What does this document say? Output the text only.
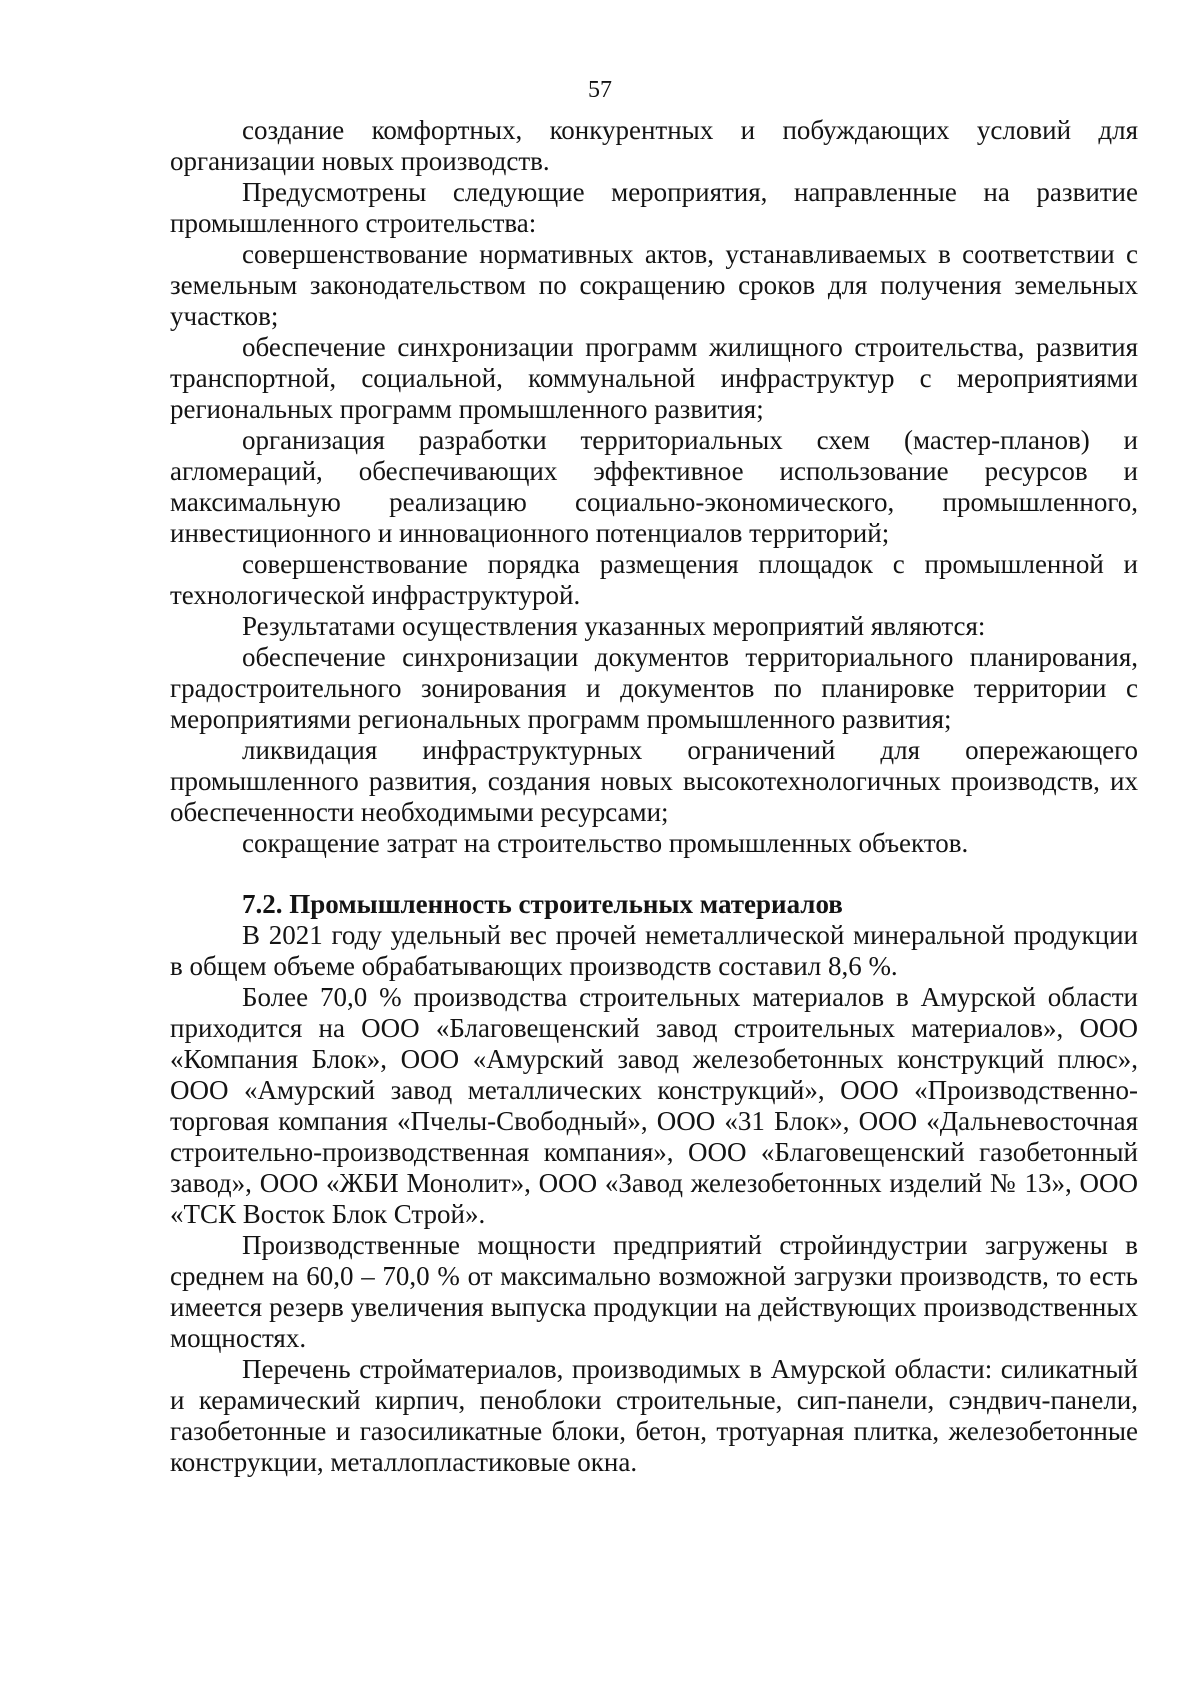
57

создание комфортных, конкурентных и побуждающих условий для организации новых производств.

Предусмотрены следующие мероприятия, направленные на развитие промышленного строительства:

совершенствование нормативных актов, устанавливаемых в соответствии с земельным законодательством по сокращению сроков для получения земельных участков;

обеспечение синхронизации программ жилищного строительства, развития транспортной, социальной, коммунальной инфраструктур с мероприятиями региональных программ промышленного развития;

организация разработки территориальных схем (мастер-планов) и агломераций, обеспечивающих эффективное использование ресурсов и максимальную реализацию социально-экономического, промышленного, инвестиционного и инновационного потенциалов территорий;

совершенствование порядка размещения площадок с промышленной и технологической инфраструктурой.

Результатами осуществления указанных мероприятий являются:

обеспечение синхронизации документов территориального планирования, градостроительного зонирования и документов по планировке территории с мероприятиями региональных программ промышленного развития;

ликвидация инфраструктурных ограничений для опережающего промышленного развития, создания новых высокотехнологичных производств, их обеспеченности необходимыми ресурсами;

сокращение затрат на строительство промышленных объектов.

7.2. Промышленность строительных материалов

В 2021 году удельный вес прочей неметаллической минеральной продукции в общем объеме обрабатывающих производств составил 8,6 %.

Более 70,0 % производства строительных материалов в Амурской области приходится на ООО «Благовещенский завод строительных материалов», ООО «Компания Блок», ООО «Амурский завод железобетонных конструкций плюс», ООО «Амурский завод металлических конструкций», ООО «Производственно-торговая компания «Пчелы-Свободный», ООО «31 Блок», ООО «Дальневосточная строительно-производственная компания», ООО «Благовещенский газобетонный завод», ООО «ЖБИ Монолит», ООО «Завод железобетонных изделий № 13», ООО «ТСК Восток Блок Строй».

Производственные мощности предприятий стройиндустрии загружены в среднем на 60,0 – 70,0 % от максимально возможной загрузки производств, то есть имеется резерв увеличения выпуска продукции на действующих производственных мощностях.

Перечень стройматериалов, производимых в Амурской области: силикатный и керамический кирпич, пеноблоки строительные, сип-панели, сэндвич-панели, газобетонные и газосиликатные блоки, бетон, тротуарная плитка, железобетонные конструкции, металлопластиковые окна.
